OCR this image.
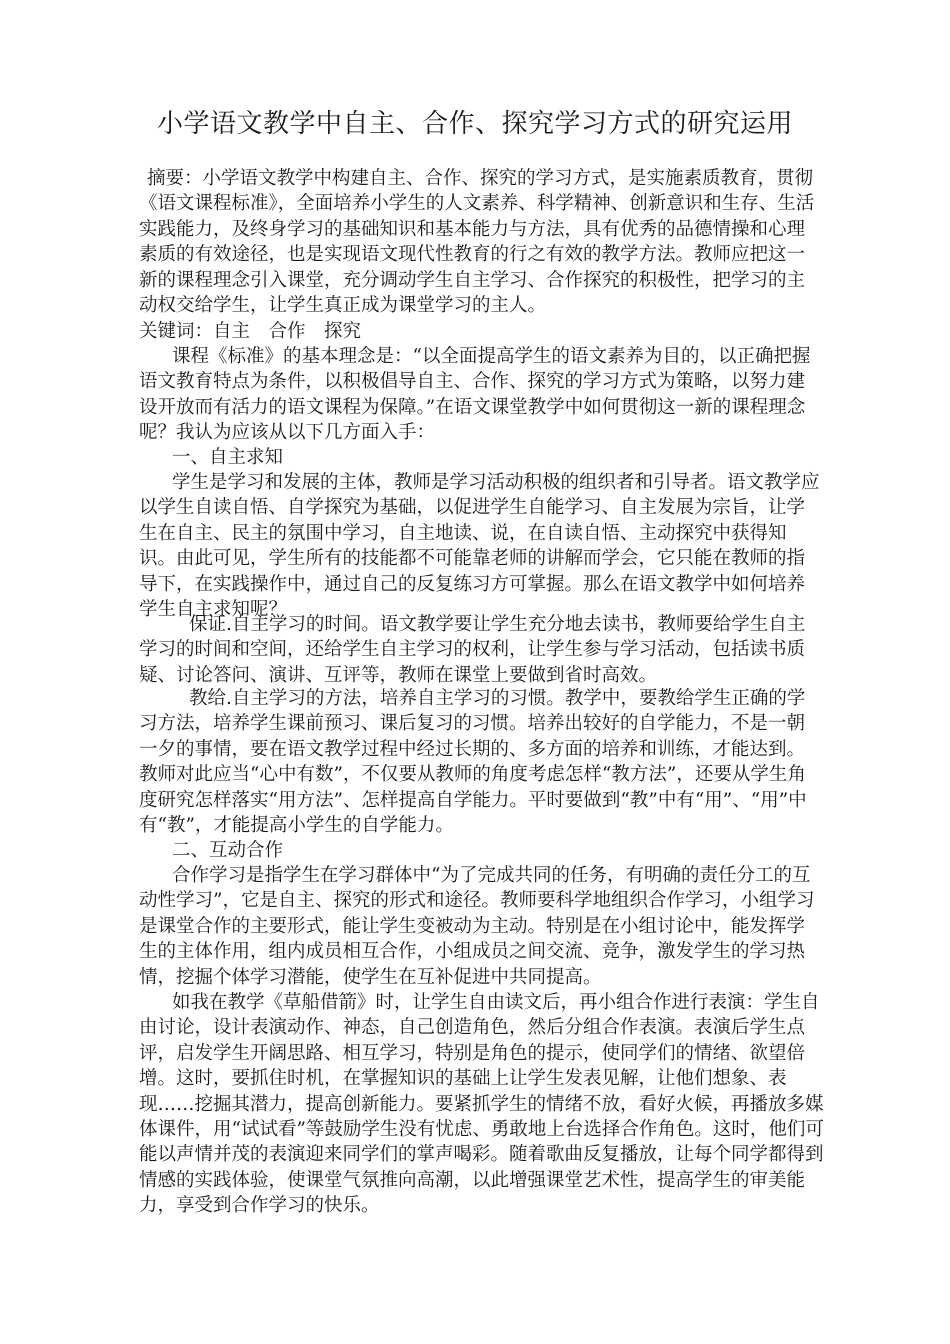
小学语文教学中自主、合作、探究学习方式的研究运用

摘要：小学语文教学中构建自主、合作、探究的学习方式，是实施素质教育，贯彻《语文课程标准》，全面培养小学生的人文素养、科学精神、创新意识和生存、生活实践能力，及终身学习的基础知识和基本能力与方法，具有优秀的品德情操和心理素质的有效途径，也是实现语文现代性教育的行之有效的教学方法。教师应把这一新的课程理念引入课堂，充分调动学生自主学习、合作探究的积极性，把学习的主动权交给学生，让学生真正成为课堂学习的主人。

关键词：自主　合作　探究

课程《标准》的基本理念是：“以全面提高学生的语文素养为目的，以正确把握语文教育特点为条件，以积极倡导自主、合作、探究的学习方式为策略，以努力建设开放而有活力的语文课程为保障。”在语文课堂教学中如何贯彻这一新的课程理念呢？我认为应该从以下几方面入手：

一、自主求知

学生是学习和发展的主体，教师是学习活动积极的组织者和引导者。语文教学应以学生自读自悟、自学探究为基础，以促进学生自能学习、自主发展为宗旨，让学生在自主、民主的氛围中学习，自主地读、说，在自读自悟、主动探究中获得知识。由此可见，学生所有的技能都不可能靠老师的讲解而学会，它只能在教师的指导下，在实践操作中，通过自己的反复练习方可掌握。那么在语文教学中如何培养学生自主求知呢？

保证.自主学习的时间。语文教学要让学生充分地去读书，教师要给学生自主学习的时间和空间，还给学生自主学习的权利，让学生参与学习活动，包括读书质疑、讨论答问、演讲、互评等，教师在课堂上要做到省时高效。

教给.自主学习的方法，培养自主学习的习惯。教学中，要教给学生正确的学习方法，培养学生课前预习、课后复习的习惯。培养出较好的自学能力，不是一朝一夕的事情，要在语文教学过程中经过长期的、多方面的培养和训练，才能达到。教师对此应当“心中有数”，不仅要从教师的角度考虑怎样“教方法”，还要从学生角度研究怎样落实“用方法”、怎样提高自学能力。平时要做到“教”中有“用”、“用”中有“教”，才能提高小学生的自学能力。

二、互动合作

合作学习是指学生在学习群体中“为了完成共同的任务，有明确的责任分工的互动性学习”，它是自主、探究的形式和途径。教师要科学地组织合作学习，小组学习是课堂合作的主要形式，能让学生变被动为主动。特别是在小组讨论中，能发挥学生的主体作用，组内成员相互合作，小组成员之间交流、竞争，激发学生的学习热情，挖掘个体学习潜能，使学生在互补促进中共同提高。

如我在教学《草船借箭》时，让学生自由读文后，再小组合作进行表演：学生自由讨论，设计表演动作、神态，自己创造角色，然后分组合作表演。表演后学生点评，启发学生开阔思路、相互学习，特别是角色的提示，使同学们的情绪、欲望倍增。这时，要抓住时机，在掌握知识的基础上让学生发表见解，让他们想象、表现……挖掘其潜力，提高创新能力。要紧抓学生的情绪不放，看好火候，再播放多媒体课件，用“试试看”等鼓励学生没有忧虑、勇敢地上台选择合作角色。这时，他们可能以声情并茂的表演迎来同学们的掌声喝彩。随着歌曲反复播放，让每个同学都得到情感的实践体验，使课堂气氛推向高潮，以此增强课堂艺术性，提高学生的审美能力，享受到合作学习的快乐。
